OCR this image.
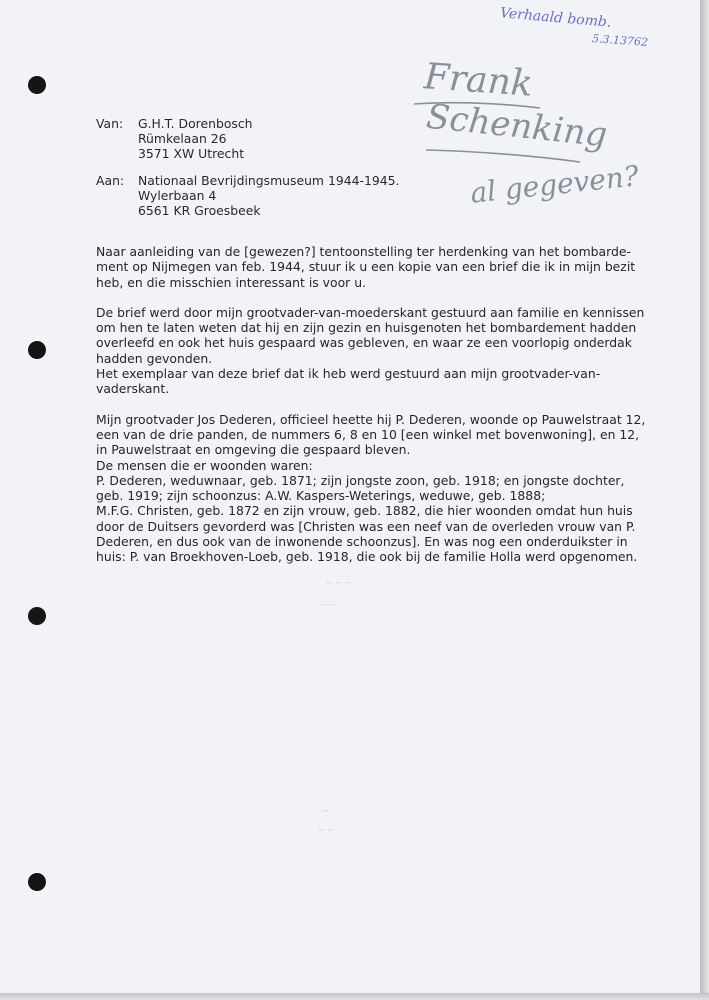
Verhaald bomb.
5.3.13762
Frank
Schenking
al gegeven?
Van:	G.H.T. Dorenbosch
Rümkelaan 26
3571 XW Utrecht
Aan:	Nationaal Bevrijdingsmuseum 1944-1945.
Wylerbaan 4
6561 KR Groesbeek

Naar aanleiding van de [gewezen?] tentoonstelling ter herdenking van het bombarde-
ment op Nijmegen van feb. 1944, stuur ik u een kopie van een brief die ik in mijn bezit
heb, en die misschien interessant is voor u.

De brief werd door mijn grootvader-van-moederskant gestuurd aan familie en kennissen
om hen te laten weten dat hij en zijn gezin en huisgenoten het bombardement hadden
overleefd en ook het huis gespaard was gebleven, en waar ze een voorlopig onderdak
hadden gevonden.
Het exemplaar van deze brief dat ik heb werd gestuurd aan mijn grootvader-van-
vaderskant.

Mijn grootvader Jos Dederen, officieel heette hij P. Dederen, woonde op Pauwelstraat 12,
een van de drie panden, de nummers 6, 8 en 10 [een winkel met bovenwoning], en 12,
in Pauwelstraat en omgeving die gespaard bleven.
De mensen die er woonden waren:
P. Dederen, weduwnaar, geb. 1871; zijn jongste zoon, geb. 1918; en jongste dochter,
geb. 1919; zijn schoonzus: A.W. Kaspers-Weterings, weduwe, geb. 1888;
M.F.G. Christen, geb. 1872 en zijn vrouw, geb. 1882, die hier woonden omdat hun huis
door de Duitsers gevorderd was [Christen was een neef van de overleden vrouw van P.
Dederen, en dus ook van de inwonende schoonzus]. En was nog een onderduikster in
huis: P. van Broekhoven-Loeb, geb. 1918, die ook bij de familie Holla werd opgenomen.

-- -- --
-- --
--
-- --
